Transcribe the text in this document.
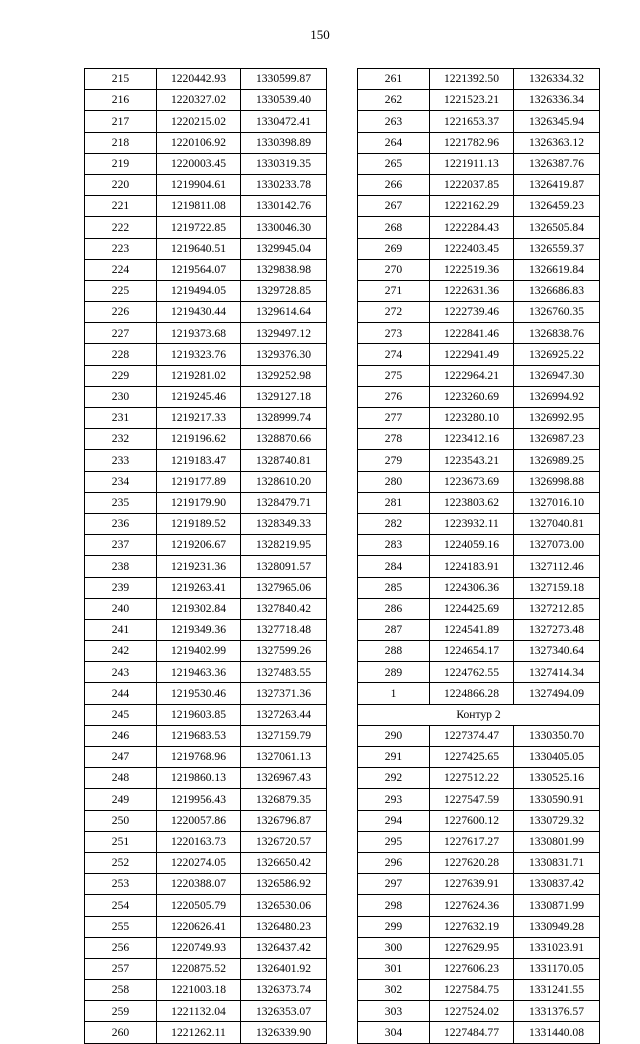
150
215	1220442.93	1330599.87
216	1220327.02	1330539.40
217	1220215.02	1330472.41
218	1220106.92	1330398.89
219	1220003.45	1330319.35
220	1219904.61	1330233.78
221	1219811.08	1330142.76
222	1219722.85	1330046.30
223	1219640.51	1329945.04
224	1219564.07	1329838.98
225	1219494.05	1329728.85
226	1219430.44	1329614.64
227	1219373.68	1329497.12
228	1219323.76	1329376.30
229	1219281.02	1329252.98
230	1219245.46	1329127.18
231	1219217.33	1328999.74
232	1219196.62	1328870.66
233	1219183.47	1328740.81
234	1219177.89	1328610.20
235	1219179.90	1328479.71
236	1219189.52	1328349.33
237	1219206.67	1328219.95
238	1219231.36	1328091.57
239	1219263.41	1327965.06
240	1219302.84	1327840.42
241	1219349.36	1327718.48
242	1219402.99	1327599.26
243	1219463.36	1327483.55
244	1219530.46	1327371.36
245	1219603.85	1327263.44
246	1219683.53	1327159.79
247	1219768.96	1327061.13
248	1219860.13	1326967.43
249	1219956.43	1326879.35
250	1220057.86	1326796.87
251	1220163.73	1326720.57
252	1220274.05	1326650.42
253	1220388.07	1326586.92
254	1220505.79	1326530.06
255	1220626.41	1326480.23
256	1220749.93	1326437.42
257	1220875.52	1326401.92
258	1221003.18	1326373.74
259	1221132.04	1326353.07
260	1221262.11	1326339.90
261	1221392.50	1326334.32
262	1221523.21	1326336.34
263	1221653.37	1326345.94
264	1221782.96	1326363.12
265	1221911.13	1326387.76
266	1222037.85	1326419.87
267	1222162.29	1326459.23
268	1222284.43	1326505.84
269	1222403.45	1326559.37
270	1222519.36	1326619.84
271	1222631.36	1326686.83
272	1222739.46	1326760.35
273	1222841.46	1326838.76
274	1222941.49	1326925.22
275	1222964.21	1326947.30
276	1223260.69	1326994.92
277	1223280.10	1326992.95
278	1223412.16	1326987.23
279	1223543.21	1326989.25
280	1223673.69	1326998.88
281	1223803.62	1327016.10
282	1223932.11	1327040.81
283	1224059.16	1327073.00
284	1224183.91	1327112.46
285	1224306.36	1327159.18
286	1224425.69	1327212.85
287	1224541.89	1327273.48
288	1224654.17	1327340.64
289	1224762.55	1327414.34
1	1224866.28	1327494.09
Контур 2		
290	1227374.47	1330350.70
291	1227425.65	1330405.05
292	1227512.22	1330525.16
293	1227547.59	1330590.91
294	1227600.12	1330729.32
295	1227617.27	1330801.99
296	1227620.28	1330831.71
297	1227639.91	1330837.42
298	1227624.36	1330871.99
299	1227632.19	1330949.28
300	1227629.95	1331023.91
301	1227606.23	1331170.05
302	1227584.75	1331241.55
303	1227524.02	1331376.57
304	1227484.77	1331440.08
